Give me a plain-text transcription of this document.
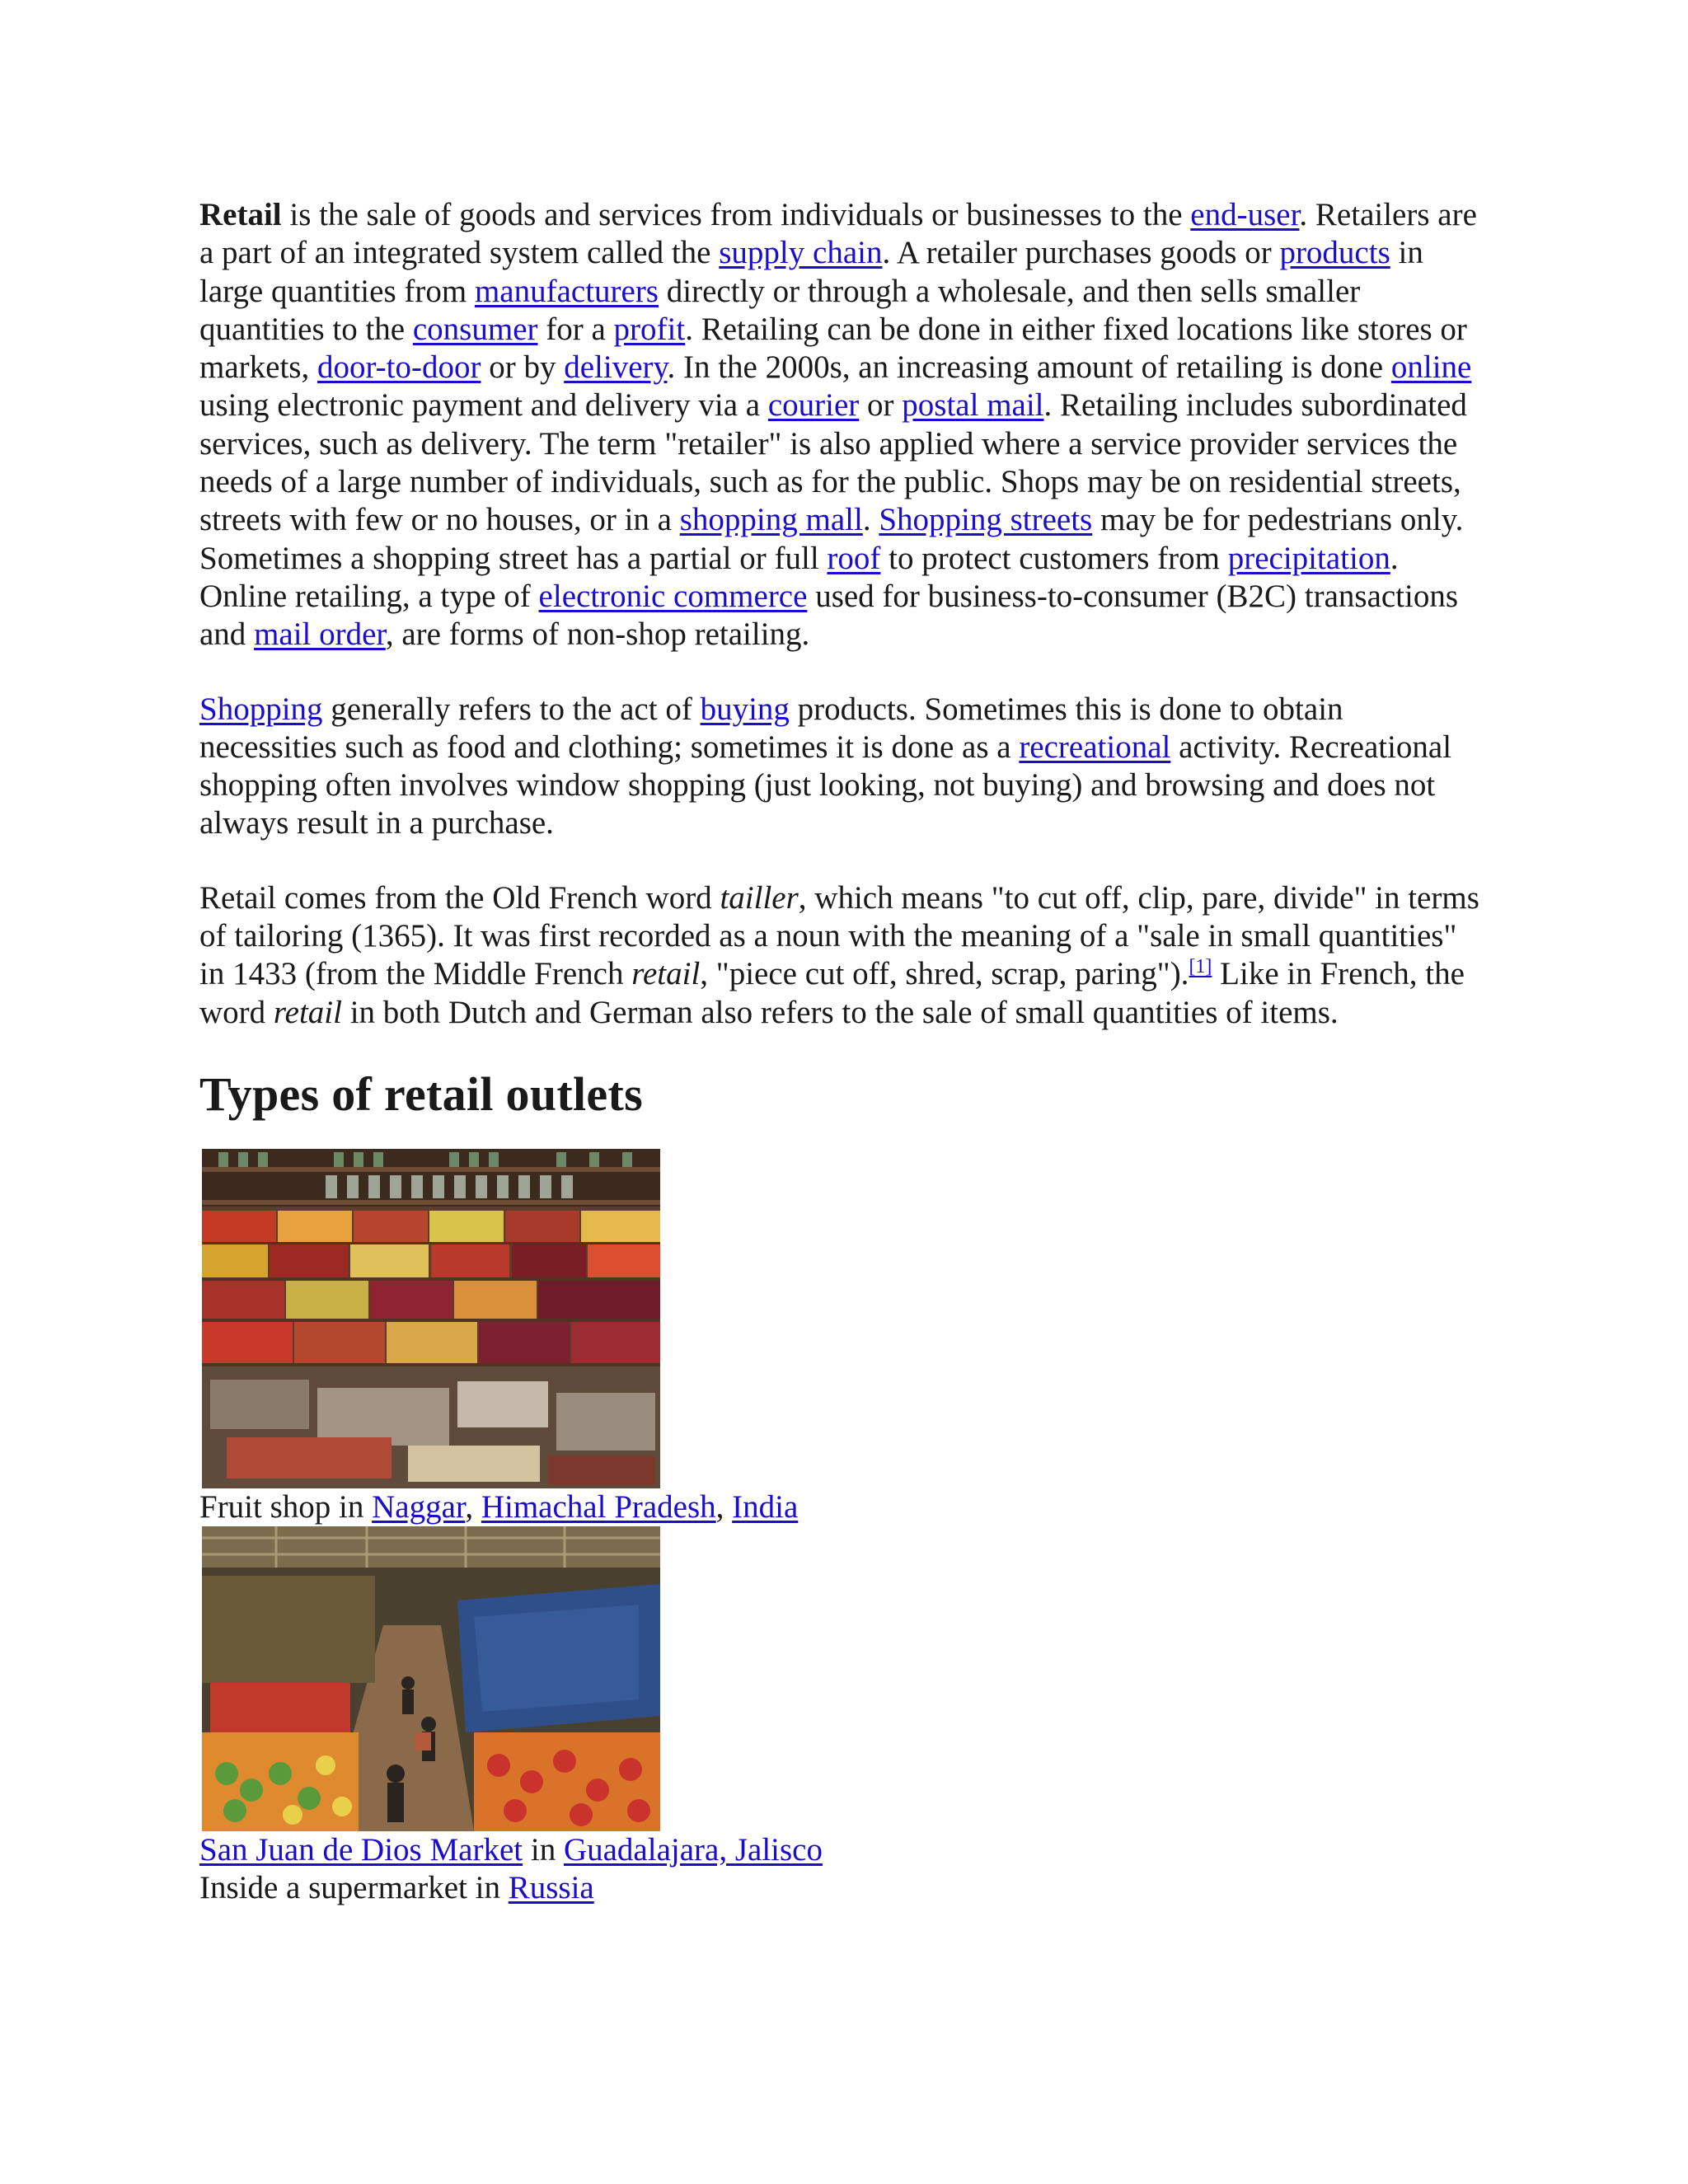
Retail is the sale of goods and services from individuals or businesses to the end-user. Retailers are a part of an integrated system called the supply chain. A retailer purchases goods or products in large quantities from manufacturers directly or through a wholesale, and then sells smaller quantities to the consumer for a profit. Retailing can be done in either fixed locations like stores or markets, door-to-door or by delivery. In the 2000s, an increasing amount of retailing is done online using electronic payment and delivery via a courier or postal mail. Retailing includes subordinated services, such as delivery. The term "retailer" is also applied where a service provider services the needs of a large number of individuals, such as for the public. Shops may be on residential streets, streets with few or no houses, or in a shopping mall. Shopping streets may be for pedestrians only. Sometimes a shopping street has a partial or full roof to protect customers from precipitation. Online retailing, a type of electronic commerce used for business-to-consumer (B2C) transactions and mail order, are forms of non-shop retailing.

Shopping generally refers to the act of buying products. Sometimes this is done to obtain necessities such as food and clothing; sometimes it is done as a recreational activity. Recreational shopping often involves window shopping (just looking, not buying) and browsing and does not always result in a purchase.

Retail comes from the Old French word tailler, which means "to cut off, clip, pare, divide" in terms of tailoring (1365). It was first recorded as a noun with the meaning of a "sale in small quantities" in 1433 (from the Middle French retail, "piece cut off, shred, scrap, paring").[1] Like in French, the word retail in both Dutch and German also refers to the sale of small quantities of items.

Types of retail outlets
Fruit shop in Naggar, Himachal Pradesh, India
San Juan de Dios Market in Guadalajara, Jalisco
Inside a supermarket in Russia
